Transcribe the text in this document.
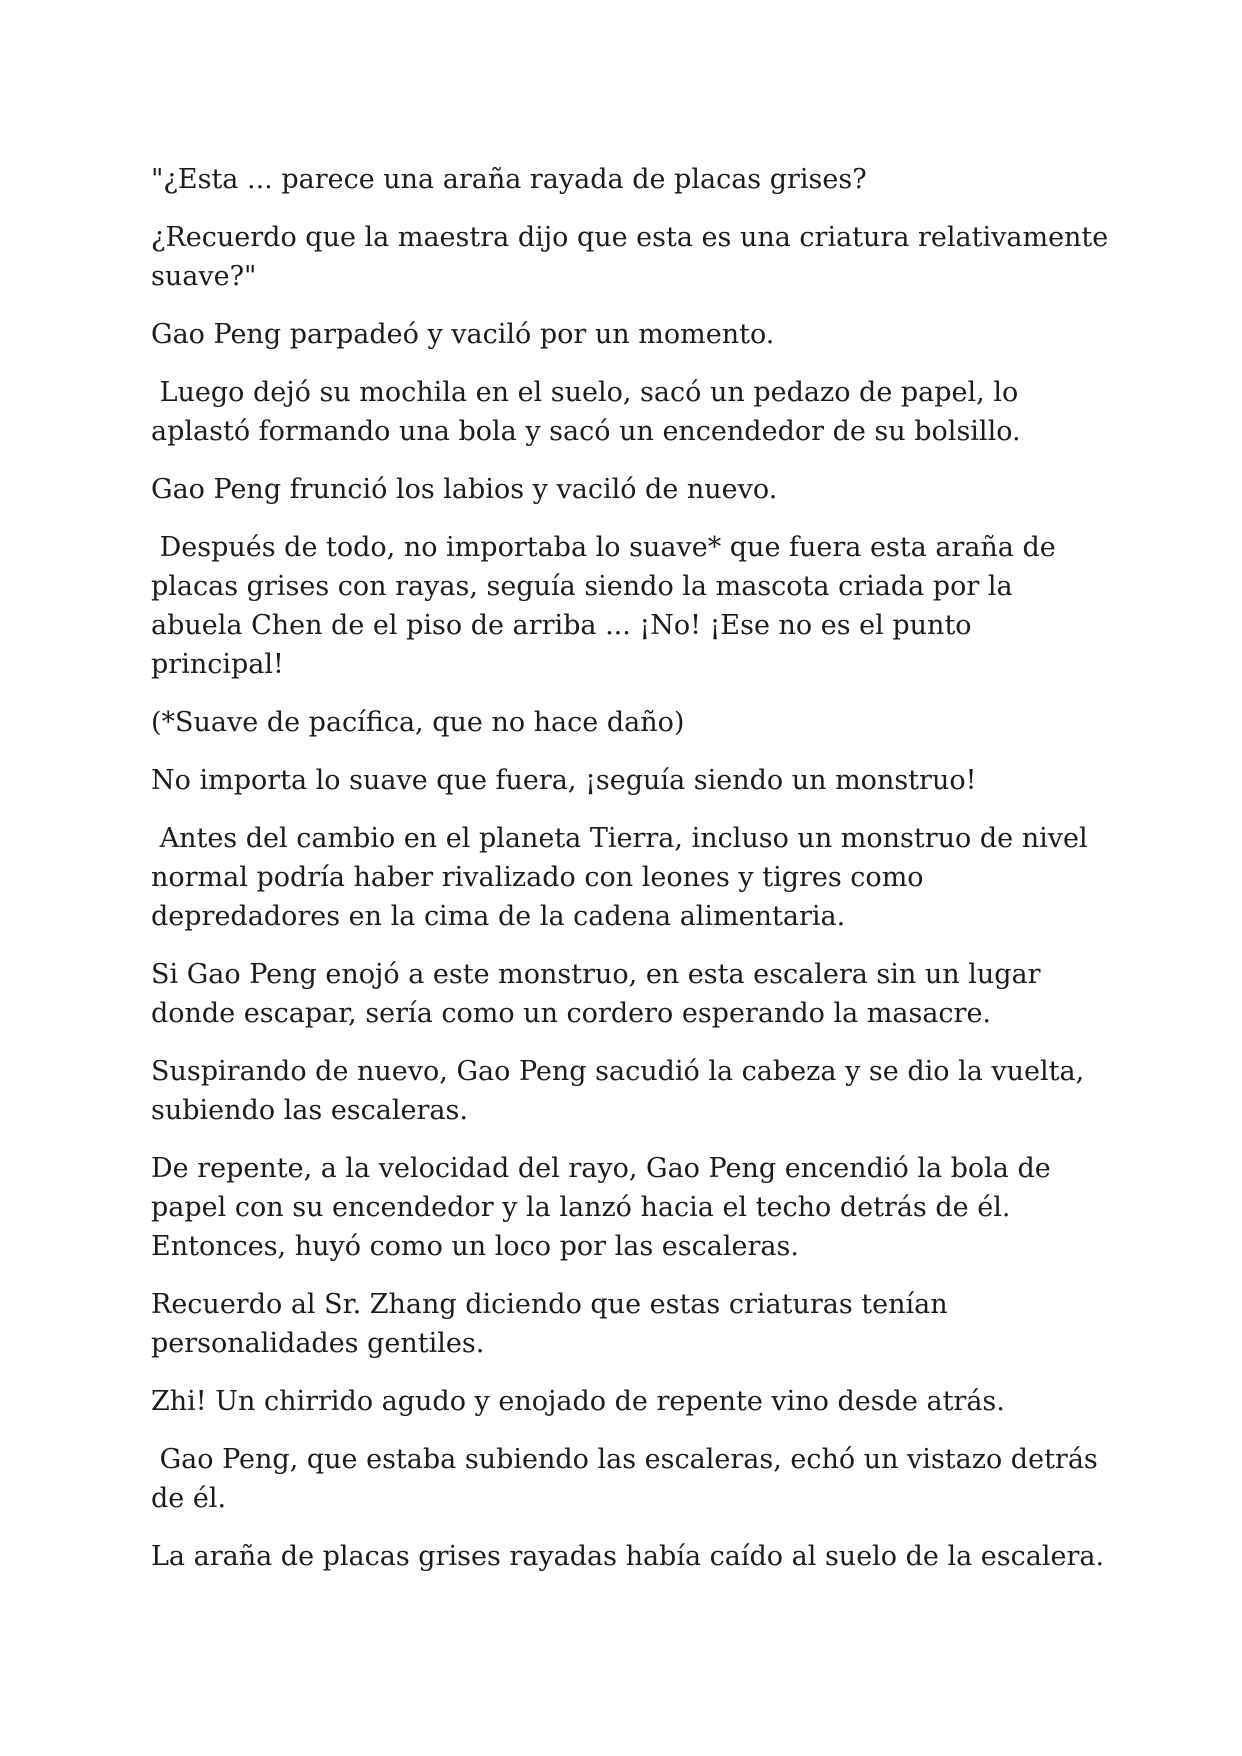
"¿Esta ... parece una araña rayada de placas grises?

¿Recuerdo que la maestra dijo que esta es una criatura relativamente suave?"

Gao Peng parpadeó y vaciló por un momento.

Luego dejó su mochila en el suelo, sacó un pedazo de papel, lo aplastó formando una bola y sacó un encendedor de su bolsillo.

Gao Peng frunció los labios y vaciló de nuevo.

Después de todo, no importaba lo suave* que fuera esta araña de placas grises con rayas, seguía siendo la mascota criada por la abuela Chen de el piso de arriba ... ¡No! ¡Ese no es el punto principal!

(*Suave de pacífica, que no hace daño)

No importa lo suave que fuera, ¡seguía siendo un monstruo!

Antes del cambio en el planeta Tierra, incluso un monstruo de nivel normal podría haber rivalizado con leones y tigres como depredadores en la cima de la cadena alimentaria.

Si Gao Peng enojó a este monstruo, en esta escalera sin un lugar donde escapar, sería como un cordero esperando la masacre.

Suspirando de nuevo, Gao Peng sacudió la cabeza y se dio la vuelta, subiendo las escaleras.

De repente, a la velocidad del rayo, Gao Peng encendió la bola de papel con su encendedor y la lanzó hacia el techo detrás de él. Entonces, huyó como un loco por las escaleras.

Recuerdo al Sr. Zhang diciendo que estas criaturas tenían personalidades gentiles.

Zhi! Un chirrido agudo y enojado de repente vino desde atrás.

Gao Peng, que estaba subiendo las escaleras, echó un vistazo detrás de él.

La araña de placas grises rayadas había caído al suelo de la escalera.
